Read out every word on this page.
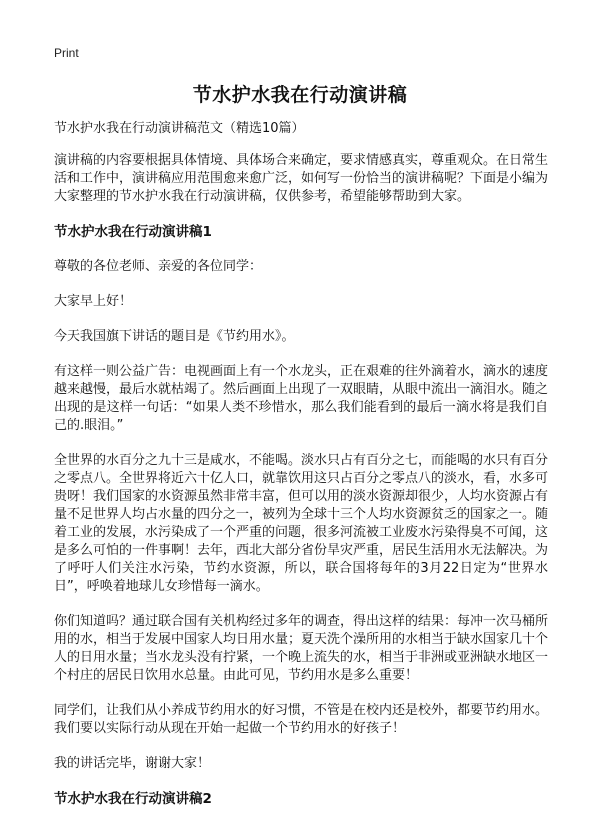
Print
节水护水我在行动演讲稿
节水护水我在行动演讲稿范文（精选10篇）

演讲稿的内容要根据具体情境、具体场合来确定，要求情感真实，尊重观众。在日常生活和工作中，演讲稿应用范围愈来愈广泛，如何写一份恰当的演讲稿呢？下面是小编为大家整理的节水护水我在行动演讲稿，仅供参考，希望能够帮助到大家。

节水护水我在行动演讲稿1

尊敬的各位老师、亲爱的各位同学：

大家早上好！

今天我国旗下讲话的题目是《节约用水》。

有这样一则公益广告：电视画面上有一个水龙头，正在艰难的往外滴着水，滴水的速度越来越慢，最后水就枯竭了。然后画面上出现了一双眼睛，从眼中流出一滴泪水。随之出现的是这样一句话：“如果人类不珍惜水，那么我们能看到的最后一滴水将是我们自己的.眼泪。”

全世界的水百分之九十三是咸水，不能喝。淡水只占有百分之七，而能喝的水只有百分之零点八。全世界将近六十亿人口，就靠饮用这只占百分之零点八的淡水，看，水多可贵呀！我们国家的水资源虽然非常丰富，但可以用的淡水资源却很少，人均水资源占有量不足世界人均占水量的四分之一，被列为全球十三个人均水资源贫乏的国家之一。随着工业的发展，水污染成了一个严重的问题，很多河流被工业废水污染得臭不可闻，这是多么可怕的一件事啊！去年，西北大部分省份旱灾严重，居民生活用水无法解决。为了呼吁人们关注水污染，节约水资源，所以，联合国将每年的3月22日定为“世界水日”，呼唤着地球儿女珍惜每一滴水。

你们知道吗？通过联合国有关机构经过多年的调查，得出这样的结果：每冲一次马桶所用的水，相当于发展中国家人均日用水量；夏天洗个澡所用的水相当于缺水国家几十个人的日用水量；当水龙头没有拧紧，一个晚上流失的水，相当于非洲或亚洲缺水地区一个村庄的居民日饮用水总量。由此可见，节约用水是多么重要！

同学们，让我们从小养成节约用水的好习惯，不管是在校内还是校外，都要节约用水。我们要以实际行动从现在开始一起做一个节约用水的好孩子！

我的讲话完毕，谢谢大家！

节水护水我在行动演讲稿2
